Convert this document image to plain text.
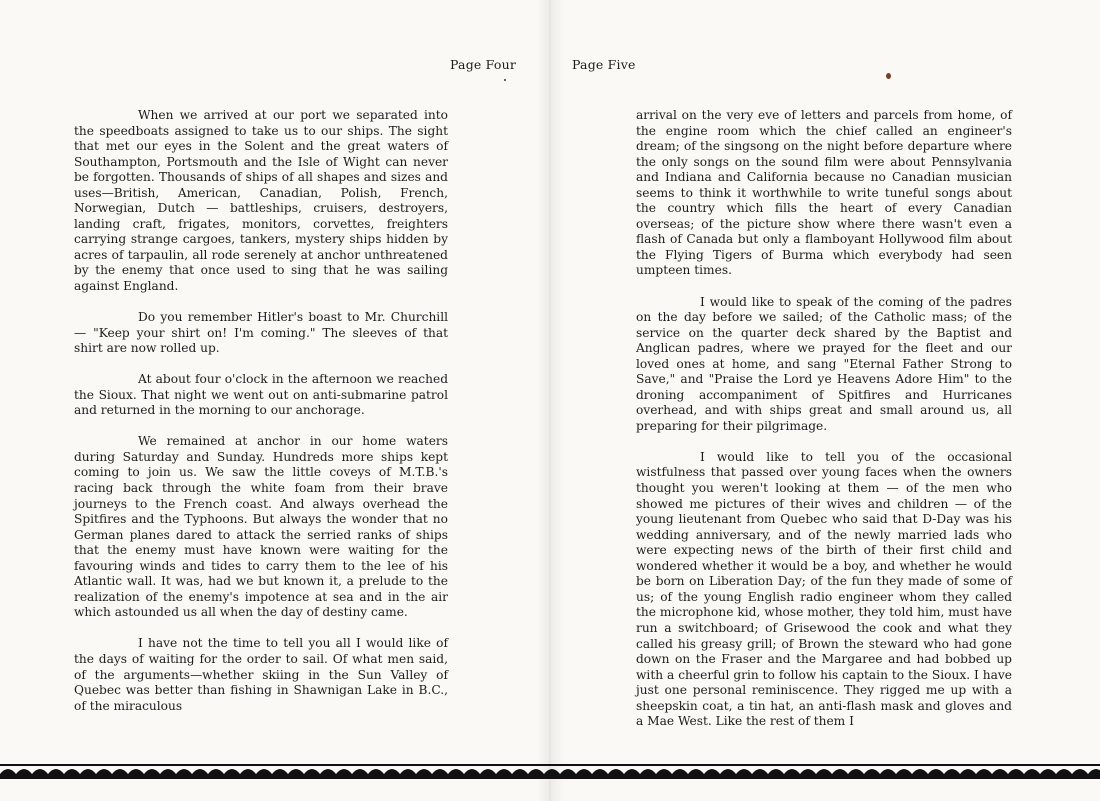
Page Four

When we arrived at our port we separated into the speedboats assigned to take us to our ships. The sight that met our eyes in the Solent and the great waters of Southampton, Portsmouth and the Isle of Wight can never be forgotten. Thousands of ships of all shapes and sizes and uses—British, American, Canadian, Polish, French, Norwegian, Dutch — battleships, cruisers, destroyers, landing craft, frigates, monitors, corvettes, freighters carrying strange cargoes, tankers, mystery ships hidden by acres of tarpaulin, all rode serenely at anchor unthreatened by the enemy that once used to sing that he was sailing against England.

Do you remember Hitler's boast to Mr. Churchill — "Keep your shirt on! I'm coming." The sleeves of that shirt are now rolled up.

At about four o'clock in the afternoon we reached the Sioux. That night we went out on anti-submarine patrol and returned in the morning to our anchorage.

We remained at anchor in our home waters during Saturday and Sunday. Hundreds more ships kept coming to join us. We saw the little coveys of M.T.B.'s racing back through the white foam from their brave journeys to the French coast. And always overhead the Spitfires and the Typhoons. But always the wonder that no German planes dared to attack the serried ranks of ships that the enemy must have known were waiting for the favouring winds and tides to carry them to the lee of his Atlantic wall. It was, had we but known it, a prelude to the realization of the enemy's impotence at sea and in the air which astounded us all when the day of destiny came.

I have not the time to tell you all I would like of the days of waiting for the order to sail. Of what men said, of the arguments—whether skiing in the Sun Valley of Quebec was better than fishing in Shawnigan Lake in B.C., of the miraculous

Page Five

arrival on the very eve of letters and parcels from home, of the engine room which the chief called an engineer's dream; of the singsong on the night before departure where the only songs on the sound film were about Pennsylvania and Indiana and California because no Canadian musician seems to think it worthwhile to write tuneful songs about the country which fills the heart of every Canadian overseas; of the picture show where there wasn't even a flash of Canada but only a flamboyant Hollywood film about the Flying Tigers of Burma which everybody had seen umpteen times.

I would like to speak of the coming of the padres on the day before we sailed; of the Catholic mass; of the service on the quarter deck shared by the Baptist and Anglican padres, where we prayed for the fleet and our loved ones at home, and sang "Eternal Father Strong to Save," and "Praise the Lord ye Heavens Adore Him" to the droning accompaniment of Spitfires and Hurricanes overhead, and with ships great and small around us, all preparing for their pilgrimage.

I would like to tell you of the occasional wistfulness that passed over young faces when the owners thought you weren't looking at them — of the men who showed me pictures of their wives and children — of the young lieutenant from Quebec who said that D-Day was his wedding anniversary, and of the newly married lads who were expecting news of the birth of their first child and wondered whether it would be a boy, and whether he would be born on Liberation Day; of the fun they made of some of us; of the young English radio engineer whom they called the microphone kid, whose mother, they told him, must have run a switchboard; of Grisewood the cook and what they called his greasy grill; of Brown the steward who had gone down on the Fraser and the Margaree and had bobbed up with a cheerful grin to follow his captain to the Sioux. I have just one personal reminiscence. They rigged me up with a sheepskin coat, a tin hat, an anti-flash mask and gloves and a Mae West. Like the rest of them I
